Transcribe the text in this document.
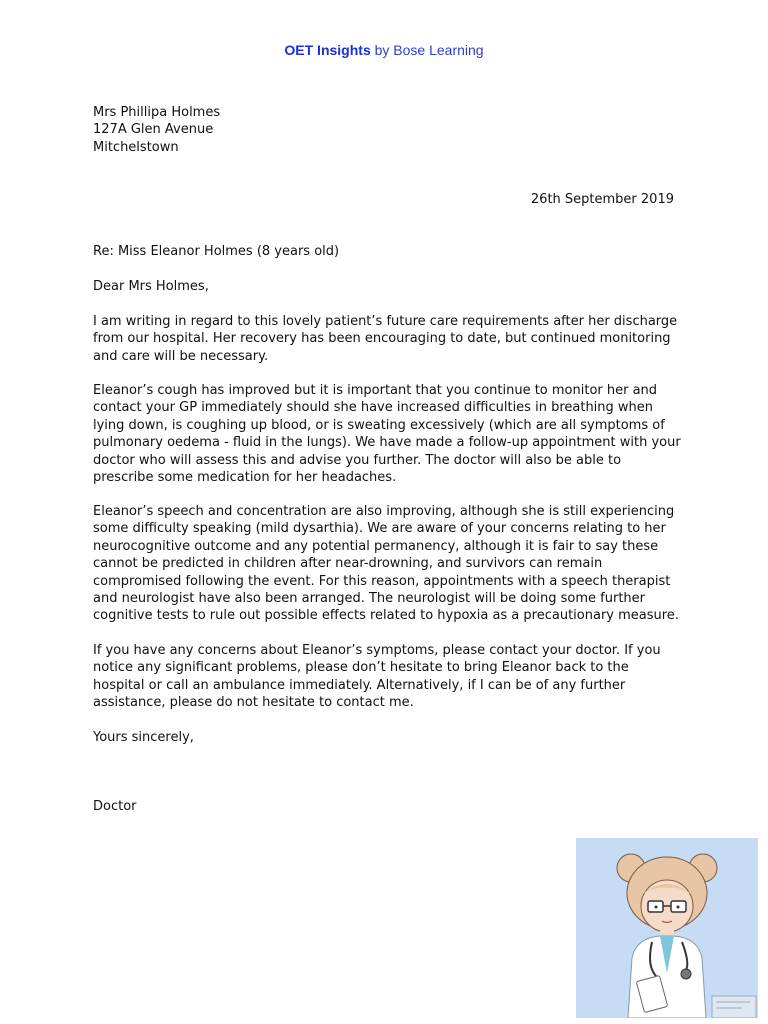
OET Insights by Bose Learning

Mrs Phillipa Holmes

127A Glen Avenue

Mitchelstown

26th September 2019
Re: Miss Eleanor Holmes (8 years old)
Dear Mrs Holmes,
I am writing in regard to this lovely patient’s future care requirements after her discharge from our hospital. Her recovery has been encouraging to date, but continued monitoring and care will be necessary.
Eleanor’s cough has improved but it is important that you continue to monitor her and contact your GP immediately should she have increased difficulties in breathing when lying down, is coughing up blood, or is sweating excessively (which are all symptoms of pulmonary oedema - fluid in the lungs). We have made a follow-up appointment with your doctor who will assess this and advise you further. The doctor will also be able to prescribe some medication for her headaches.
Eleanor’s speech and concentration are also improving, although she is still experiencing some difficulty speaking (mild dysarthia). We are aware of your concerns relating to her neurocognitive outcome and any potential permanency, although it is fair to say these cannot be predicted in children after near-drowning, and survivors can remain compromised following the event. For this reason, appointments with a speech therapist and neurologist have also been arranged. The neurologist will be doing some further cognitive tests to rule out possible effects related to hypoxia as a precautionary measure.
If you have any concerns about Eleanor’s symptoms, please contact your doctor. If you notice any significant problems, please don’t hesitate to bring Eleanor back to the hospital or call an ambulance immediately. Alternatively, if I can be of any further assistance, please do not hesitate to contact me.
Yours sincerely,
Doctor
